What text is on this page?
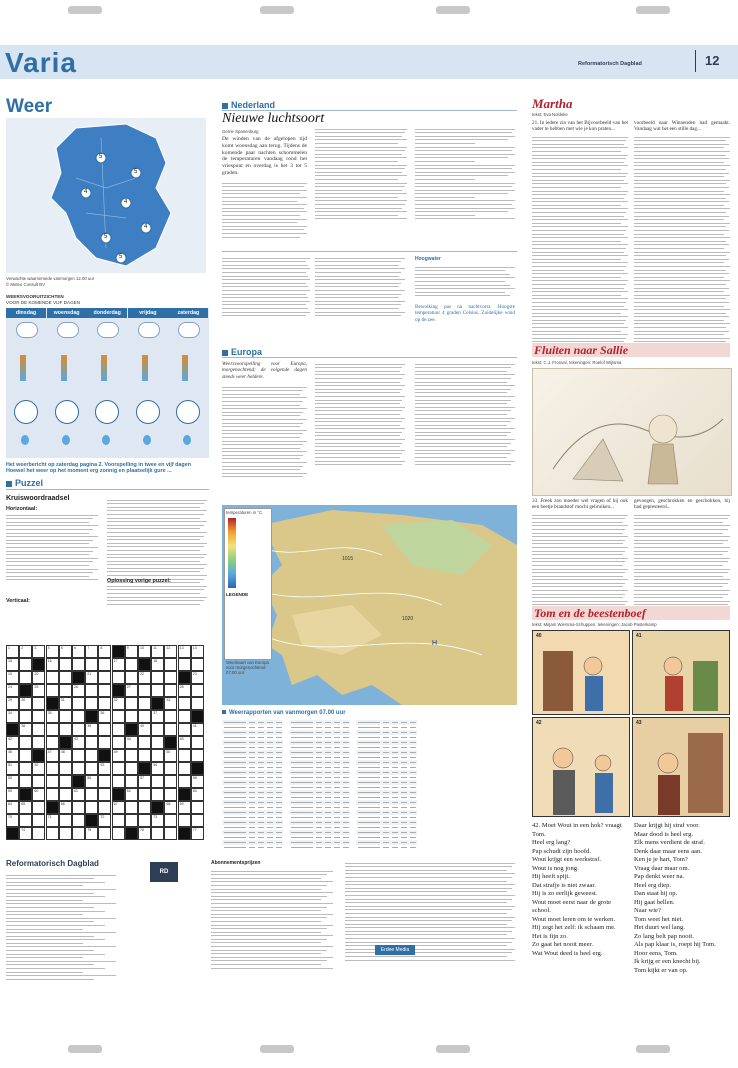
Varia	Reformatorisch Dagblad	12
Weer
5
5
4
4
4
5
5
Verwachte waarnemede vanmorgen 12.00 uur
© Meteo Consult BV
WEERSVOORUITZICHTEN
VOOR DE KOMENDE VIJF DAGEN
dinsdag	woensdag	donderdag	vrijdag	zaterdag
Het weerbericht op zaterdag pagina 2. Voorspelling in twee en vijf dagen Hoewel het weer op het moment erg zonnig en plaatselijk gure ...
Puzzel
Kruiswoordraadsel
Horizontaal:
Verticaal:
Oplossing vorige puzzel:
1	2	3	4	5	6	7	8	9	10	11	12	13	14
15	16	17	18
19	20	21	22	23
24	25	26	27	28
29	30	31	32	33
34	35	36	37
38	39	40	41
42	43	44	45
46	47	48	49	50
51	52	53	54
55	56	57	58
59	60	61	62	63
64	65	66	67	68	69
70	71	72	73
74	75	76	77
Reformatorisch Dagblad
RD
Abonnementsprijzen
Erdee Media
Nederland
Nieuwe luchtsoort
Gerrie Spanenburg
De winden van de afgelopen tijd komt woensdag aan terug. Tijdens de komende paar nachten schommelen de temperaturen vandaag rond het vriespunt en overdag is het 3 tot 5 graden.
Hoogwater
Bewolking pas na nachtvorst. Hoogste temperatuur 4 graden Celsius. Zuidelijke wind op de zee.
Europa
Weersvoorspelling voor Europa, morgenochtend; de volgende dagen steeds weer heldere.
H
1015
1020
temperaturen in °C
LEGENDE
Weerkaart van Europa voor morgenochtend 07.00 uur
Weerrapporten van vanmorgen 07.00 uur

Martha
tekst: Eva Noldeke
21. In iedere zin van het Bijvoorbeeld van het vader te hebben met wie je kon praten...
voorbeeld naar Winnenden had gemaakt. Vandaag wat het een stille dag...
Fluiten naar Sallie
tekst: C.J. Fronval, tekeningen: Roelof Wijtsma
33. Freek zou moeder wel vragen of hij ook een beetje brandstof mocht gebruiken...
gevoegen, geschrokken en geschokken, hij had gepresteerd...
Tom en de beestenboef
tekst: Mirjam Wiersma-Schuppen, tekeningen: Jacob Pasterkamp
40	41
42	43
42. Moet Wout in een hok? vraagt Tom.
Heel erg lang?
Pap schudt zijn hoofd.
Wout krijgt een werkstraf.
Wout is nog jong.
Hij heeft spijt.
Dat strafje is niet zwaar.
Hij is zo eerlijk geweest.
Wout moet eerst naar de grote school.
Wout moet leren om te werken.
Hij zegt het zelf: ik schaam me.
Het is fijn zo.
Zo gaat het nooit meer.
Wat Wout deed is heel erg.
Daar krijgt hij straf voor.
Maar dood is heel erg.
Elk mens verdient de straf.
Denk daar maar eens aan.
Ken je je hart, Tom?
Vraag daar maar om.
Pap denkt weer na.
Heel erg diep.
Dan staat hij op.
Hij gaat bellen.
Naar wie?
Tom weet het niet.
Het duurt wel lang.
Zo lang belt pap nooit.
Als pap klaar is, roept hij Tom.
Hoor eens, Tom.
Ik krijg er een knecht bij.
Tom kijkt er van op.
